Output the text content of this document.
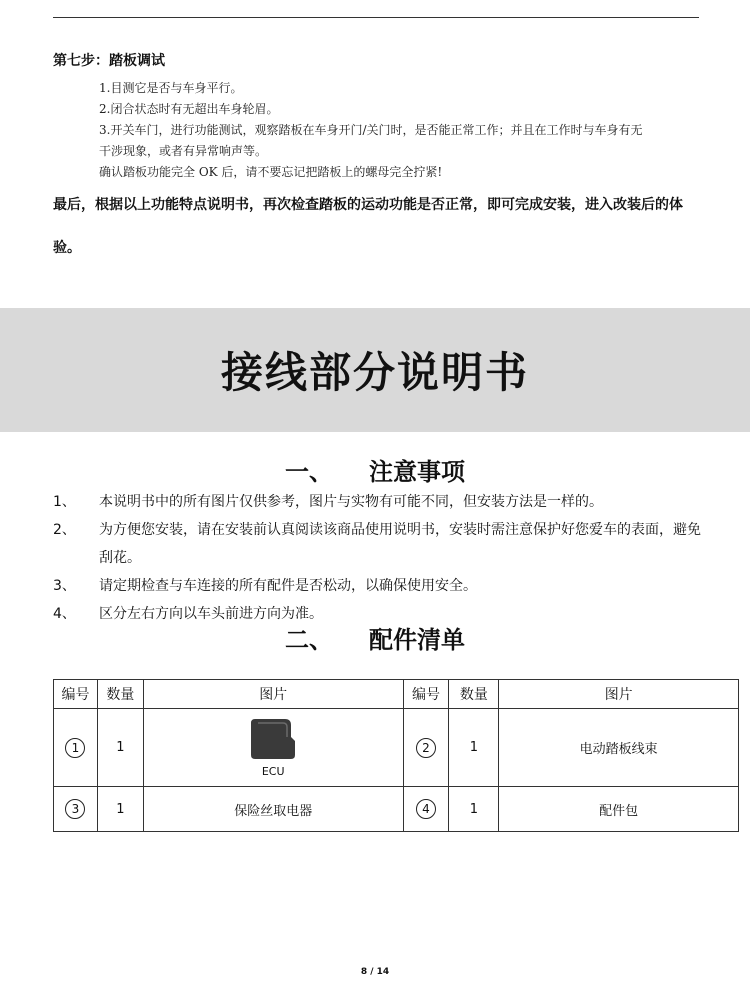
第七步：踏板调试
1.目测它是否与车身平行。
2.闭合状态时有无超出车身轮眉。
3.开关车门，进行功能测试，观察踏板在车身开门/关门时，是否能正常工作；并且在工作时与车身有无
干涉现象，或者有异常响声等。
确认踏板功能完全 OK 后，请不要忘记把踏板上的螺母完全拧紧!
最后，根据以上功能特点说明书，再次检查踏板的运动功能是否正常，即可完成安装，进入改装后的体验。
接线部分说明书
一、 注意事项
1、	本说明书中的所有图片仅供参考，图片与实物有可能不同，但安装方法是一样的。
2、	为方便您安装，请在安装前认真阅读该商品使用说明书，安装时需注意保护好您爱车的表面，避免刮花。
3、	请定期检查与车连接的所有配件是否松动，以确保使用安全。
4、	区分左右方向以车头前进方向为准。
二、 配件清单
编号	数量	图片	编号	数量	图片
1	1	ECU	2	1	电动踏板线束
3	1	保险丝取电器	4	1	配件包
8 / 14
